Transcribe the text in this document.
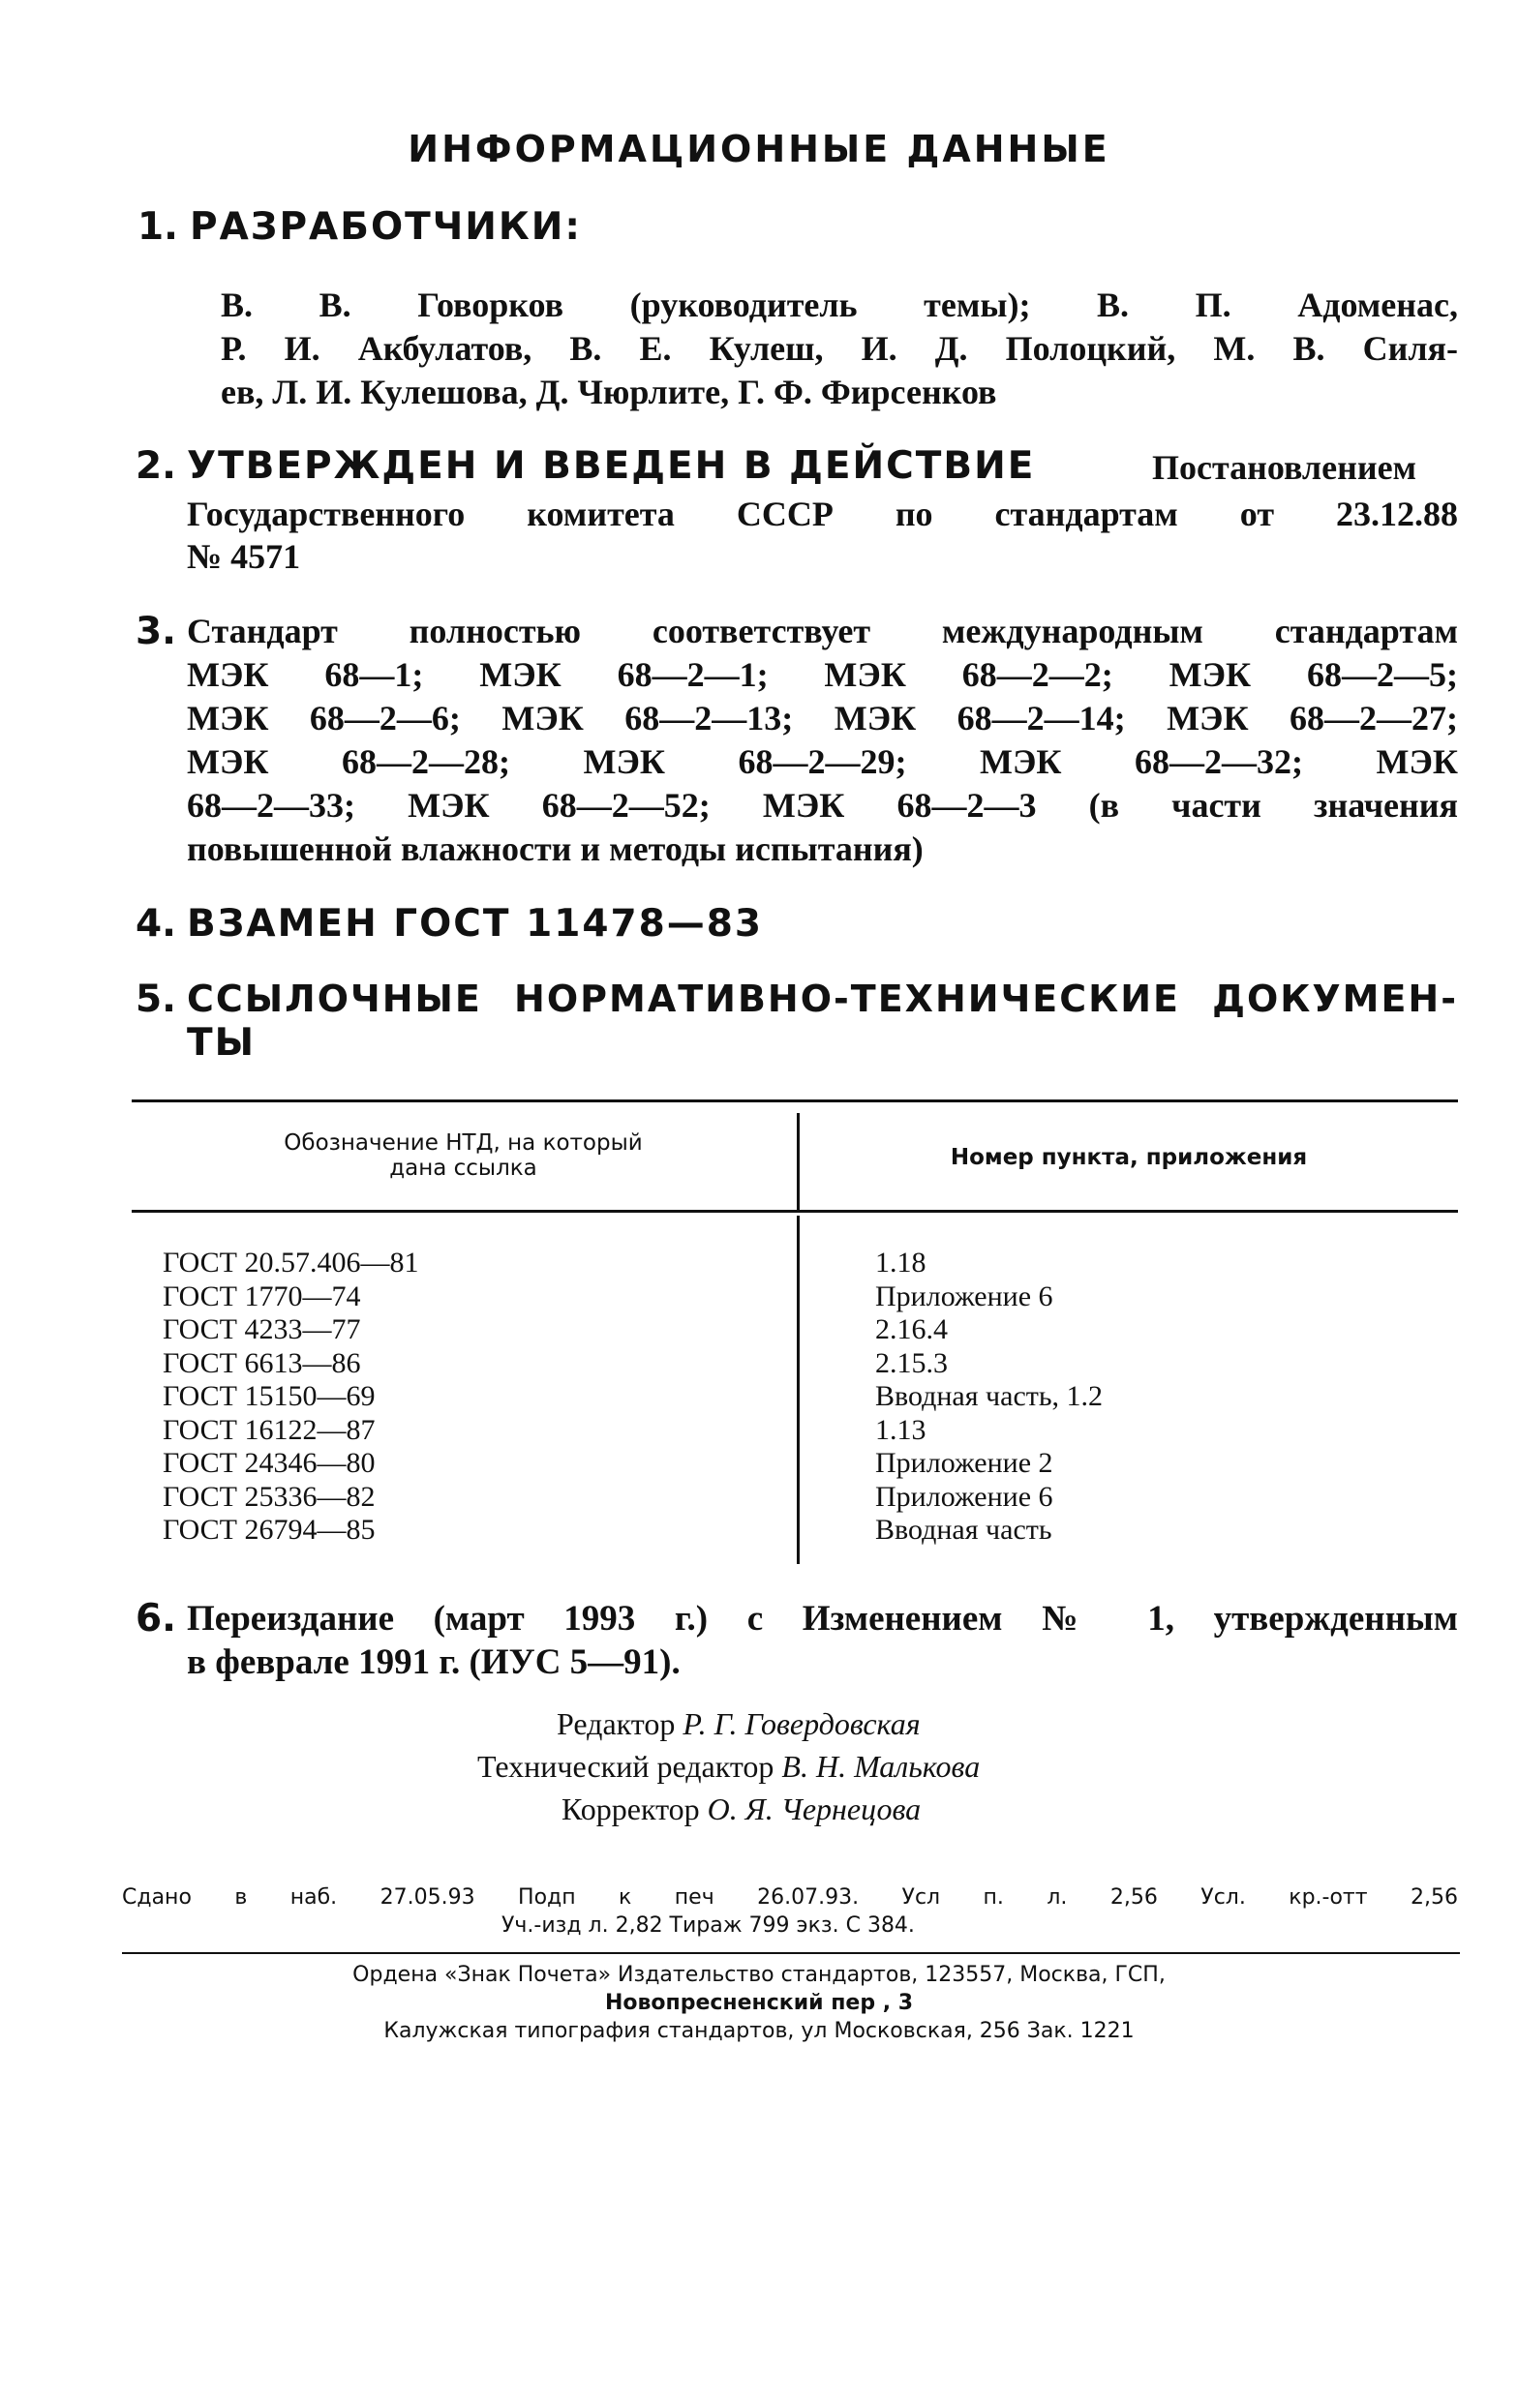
ИНФОРМАЦИОННЫЕ ДАННЫЕ
1. РАЗРАБОТЧИКИ:
В. В. Говорков (руководитель темы); В. П. Адоменас,
Р. И. Акбулатов, В. Е. Кулеш, И. Д. Полоцкий, М. В. Силя-
ев, Л. И. Кулешова, Д. Чюрлите, Г. Ф. Фирсенков
2. УТВЕРЖДЕН И ВВЕДЕН В ДЕЙСТВИЕ	Постановлением
Государственного комитета СССР по стандартам от 23.12.88
№ 4571
3. Стандарт полностью соответствует международным стандартам
МЭК 68—1; МЭК 68—2—1; МЭК 68—2—2; МЭК 68—2—5;
МЭК 68—2—6; МЭК 68—2—13; МЭК 68—2—14; МЭК 68—2—27;
МЭК 68—2—28; МЭК 68—2—29; МЭК 68—2—32; МЭК
68—2—33; МЭК 68—2—52; МЭК 68—2—3 (в части значения
повышенной влажности и методы испытания)
4. ВЗАМЕН ГОСТ 11478—83
5. ССЫЛОЧНЫЕ НОРМАТИВНО-ТЕХНИЧЕСКИЕ ДОКУМЕН-
ТЫ
Обозначение НТД, на который
дана ссылка	Номер пункта, приложения
ГОСТ 20.57.406—81
ГОСТ 1770—74
ГОСТ 4233—77
ГОСТ 6613—86
ГОСТ 15150—69
ГОСТ 16122—87
ГОСТ 24346—80
ГОСТ 25336—82
ГОСТ 26794—85
1.18
Приложение 6
2.16.4
2.15.3
Вводная часть, 1.2
1.13
Приложение 2
Приложение 6
Вводная часть
6. Переиздание (март 1993 г.) с Изменением № 1, утвержденным
в феврале 1991 г. (ИУС 5—91).
Редактор Р. Г. Говердовская
Технический редактор В. Н. Малькова
Корректор О. Я. Чернецова
Сдано в наб. 27.05.93 Подп к печ 26.07.93. Усл п. л. 2,56 Усл. кр.-отт 2,56
Уч.-изд л. 2,82 Тираж 799 экз. С 384.
Ордена «Знак Почета» Издательство стандартов, 123557, Москва, ГСП,
Новопресненский пер , 3
Калужская типография стандартов, ул Московская, 256 Зак. 1221
